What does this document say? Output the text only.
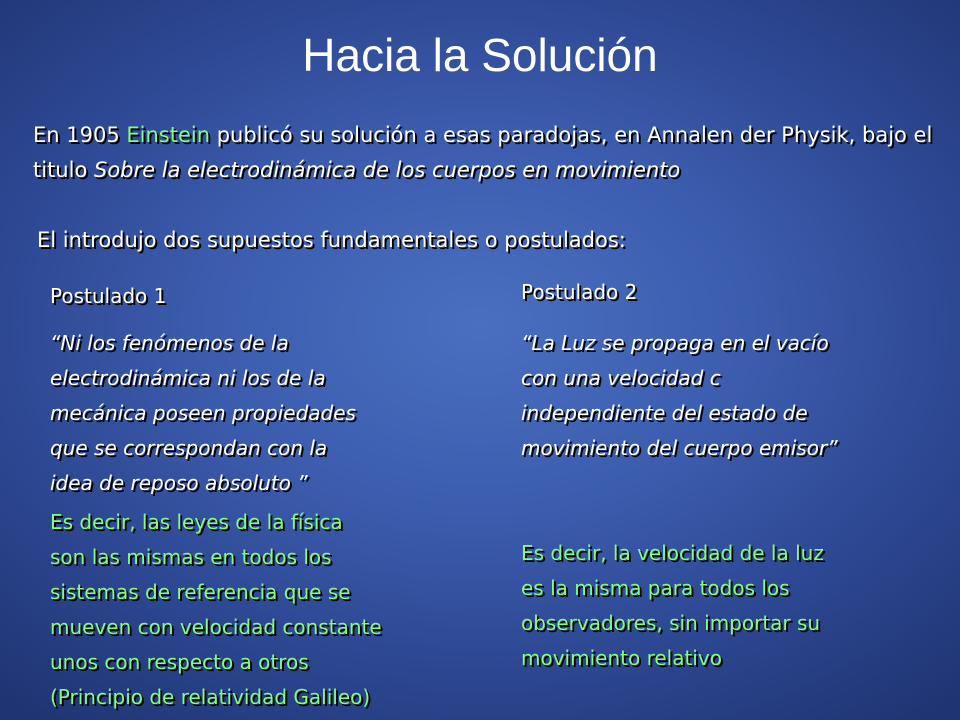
Hacia la Solución
En 1905 Einstein publicó su solución a esas paradojas, en Annalen der Physik, bajo el titulo Sobre la electrodinámica de los cuerpos en movimiento
El introdujo dos supuestos fundamentales o postulados:
Postulado 1
“Ni los fenómenos de la
electrodinámica ni los de la
mecánica poseen propiedades
que se correspondan con la
idea de reposo absoluto ”
Es decir, las leyes de la física
son las mismas en todos los
sistemas de referencia que se
mueven con velocidad constante
unos con respecto a otros
(Principio de relatividad Galileo)
Postulado 2
“La Luz se propaga en el vacío
con una velocidad c
independiente del estado de
movimiento del cuerpo emisor”
Es decir, la velocidad de la luz
es la misma para todos los
observadores, sin importar su
movimiento relativo
